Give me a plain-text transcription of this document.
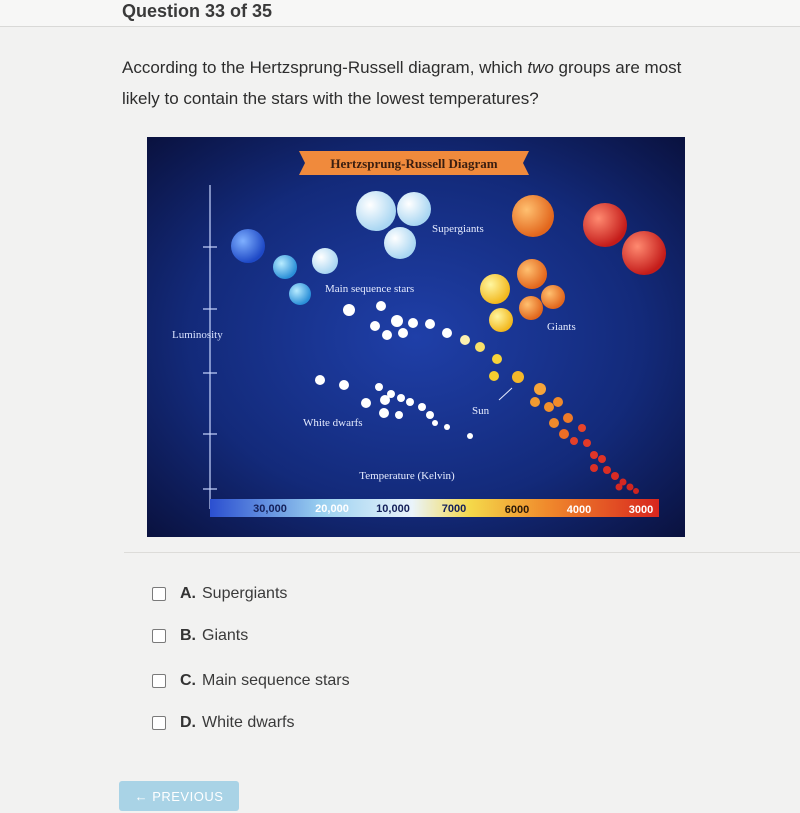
Question 33 of 35
According to the Hertzsprung-Russell diagram, which two groups are most likely to contain the stars with the lowest temperatures?
Hertzsprung-Russell Diagram
Luminosity
30,000	20,000 10,000	7000	6000	4000	3000
Temperature (Kelvin)
Supergiants
Main sequence stars
Sun
Giants
White dwarfs
A. Supergiants
B. Giants
C. Main sequence stars
D. White dwarfs
← PREVIOUS
